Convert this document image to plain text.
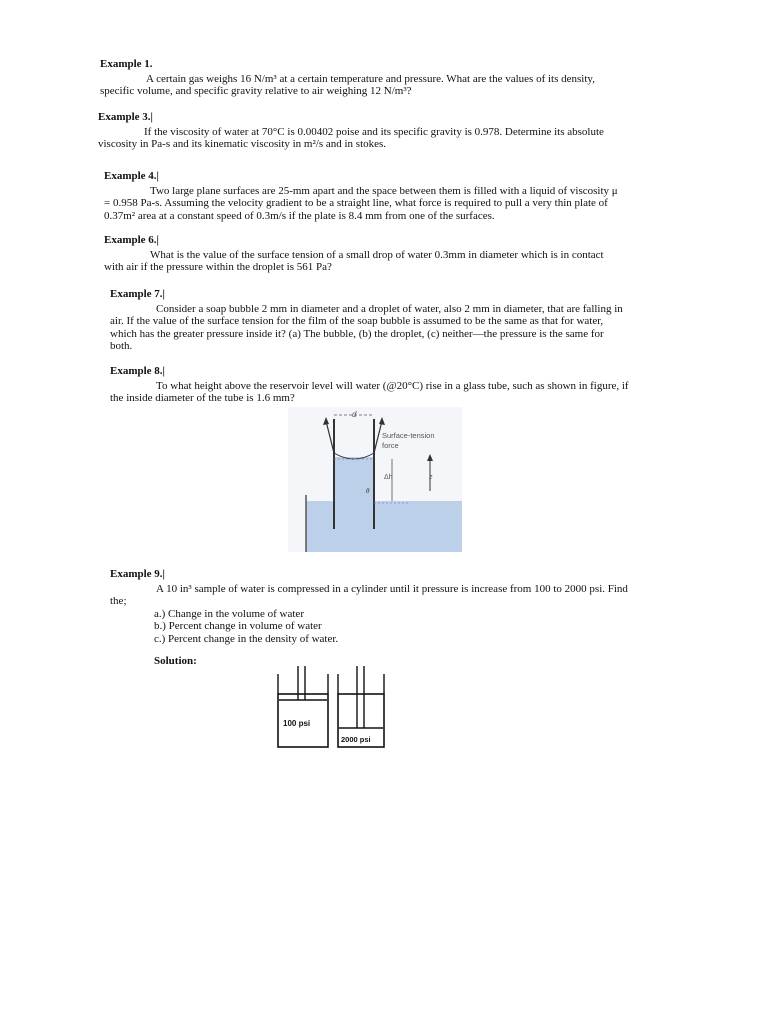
Example 1.

A certain gas weighs 16 N/m³ at a certain temperature and pressure. What are the values of its density,

specific volume, and specific gravity relative to air weighing 12 N/m³?

Example 3.|

If the viscosity of water at 70°C is 0.00402 poise and its specific gravity is 0.978. Determine its absolute

viscosity in Pa-s and its kinematic viscosity in m²/s and in stokes.

Example 4.|

Two large plane surfaces are 25-mm apart and the space between them is filled with a liquid of viscosity μ

= 0.958 Pa-s. Assuming the velocity gradient to be a straight line, what force is required to pull a very thin plate of

0.37m² area at a constant speed of 0.3m/s if the plate is 8.4 mm from one of the surfaces.

Example 6.|

What is the value of the surface tension of a small drop of water 0.3mm in diameter which is in contact

with air if the pressure within the droplet is 561 Pa?

Example 7.|

Consider a soap bubble 2 mm in diameter and a droplet of water, also 2 mm in diameter, that are falling in

air. If the value of the surface tension for the film of the soap bubble is assumed to be the same as that for water,

which has the greater pressure inside it? (a) The bubble, (b) the droplet, (c) neither—the pressure is the same for

both.

Example 8.|

To what height above the reservoir level will water (@20°C) rise in a glass tube, such as shown in figure, if

the inside diameter of the tube is 1.6 mm?

d
Δh	z
θ
Surface-tension
force
Example 9.|

A 10 in³ sample of water is compressed in a cylinder until it pressure is increase from 100 to 2000 psi. Find

the;

a.) Change in the volume of water
b.) Percent change in volume of water
c.) Percent change in the density of water.
Solution:
100 psi
2000 psi
